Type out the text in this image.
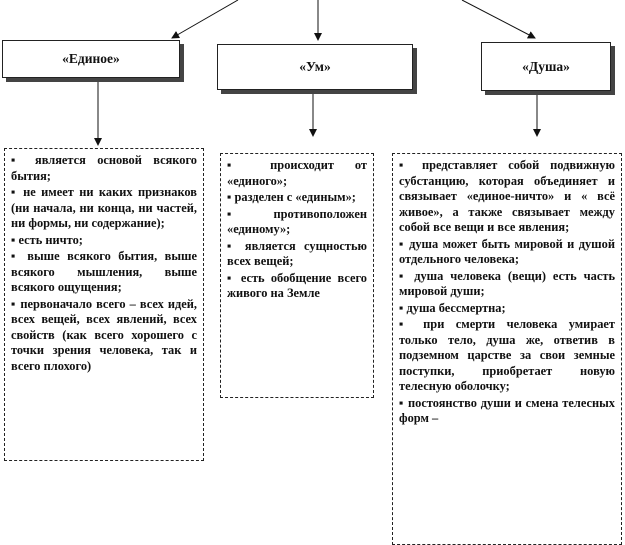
«Единое»
«Ум»	«Душа»

▪ является основой всякого бытия;

▪ не имеет ни каких признаков (ни начала, ни конца, ни частей, ни формы, ни содержание);

▪ есть ничто;

▪ выше всякого бытия, выше всякого мышления, выше всякого ощущения;

▪ первоначало всего – всех идей, всех вещей, всех явлений, всех свойств (как всего хорошего с точки зрения человека, так и всего плохого)

▪ происходит от «единого»;

▪ разделен с «единым»;

▪ противоположен «единому»;

▪ является сущностью всех вещей;

▪ есть обобщение всего живого на Земле

▪ представляет собой подвижную субстанцию, которая объединяет и связывает «единое-ничто» и « всё живое», а также связывает между собой все вещи и все явления;

▪ душа может быть мировой и душой отдельного человека;

▪ душа человека (вещи) есть часть мировой души;

▪ душа бессмертна;

▪ при смерти человека умирает только тело, душа же, ответив в подземном царстве за свои земные поступки, приобретает новую телесную оболочку;

▪ постоянство души и смена телесных форм –
